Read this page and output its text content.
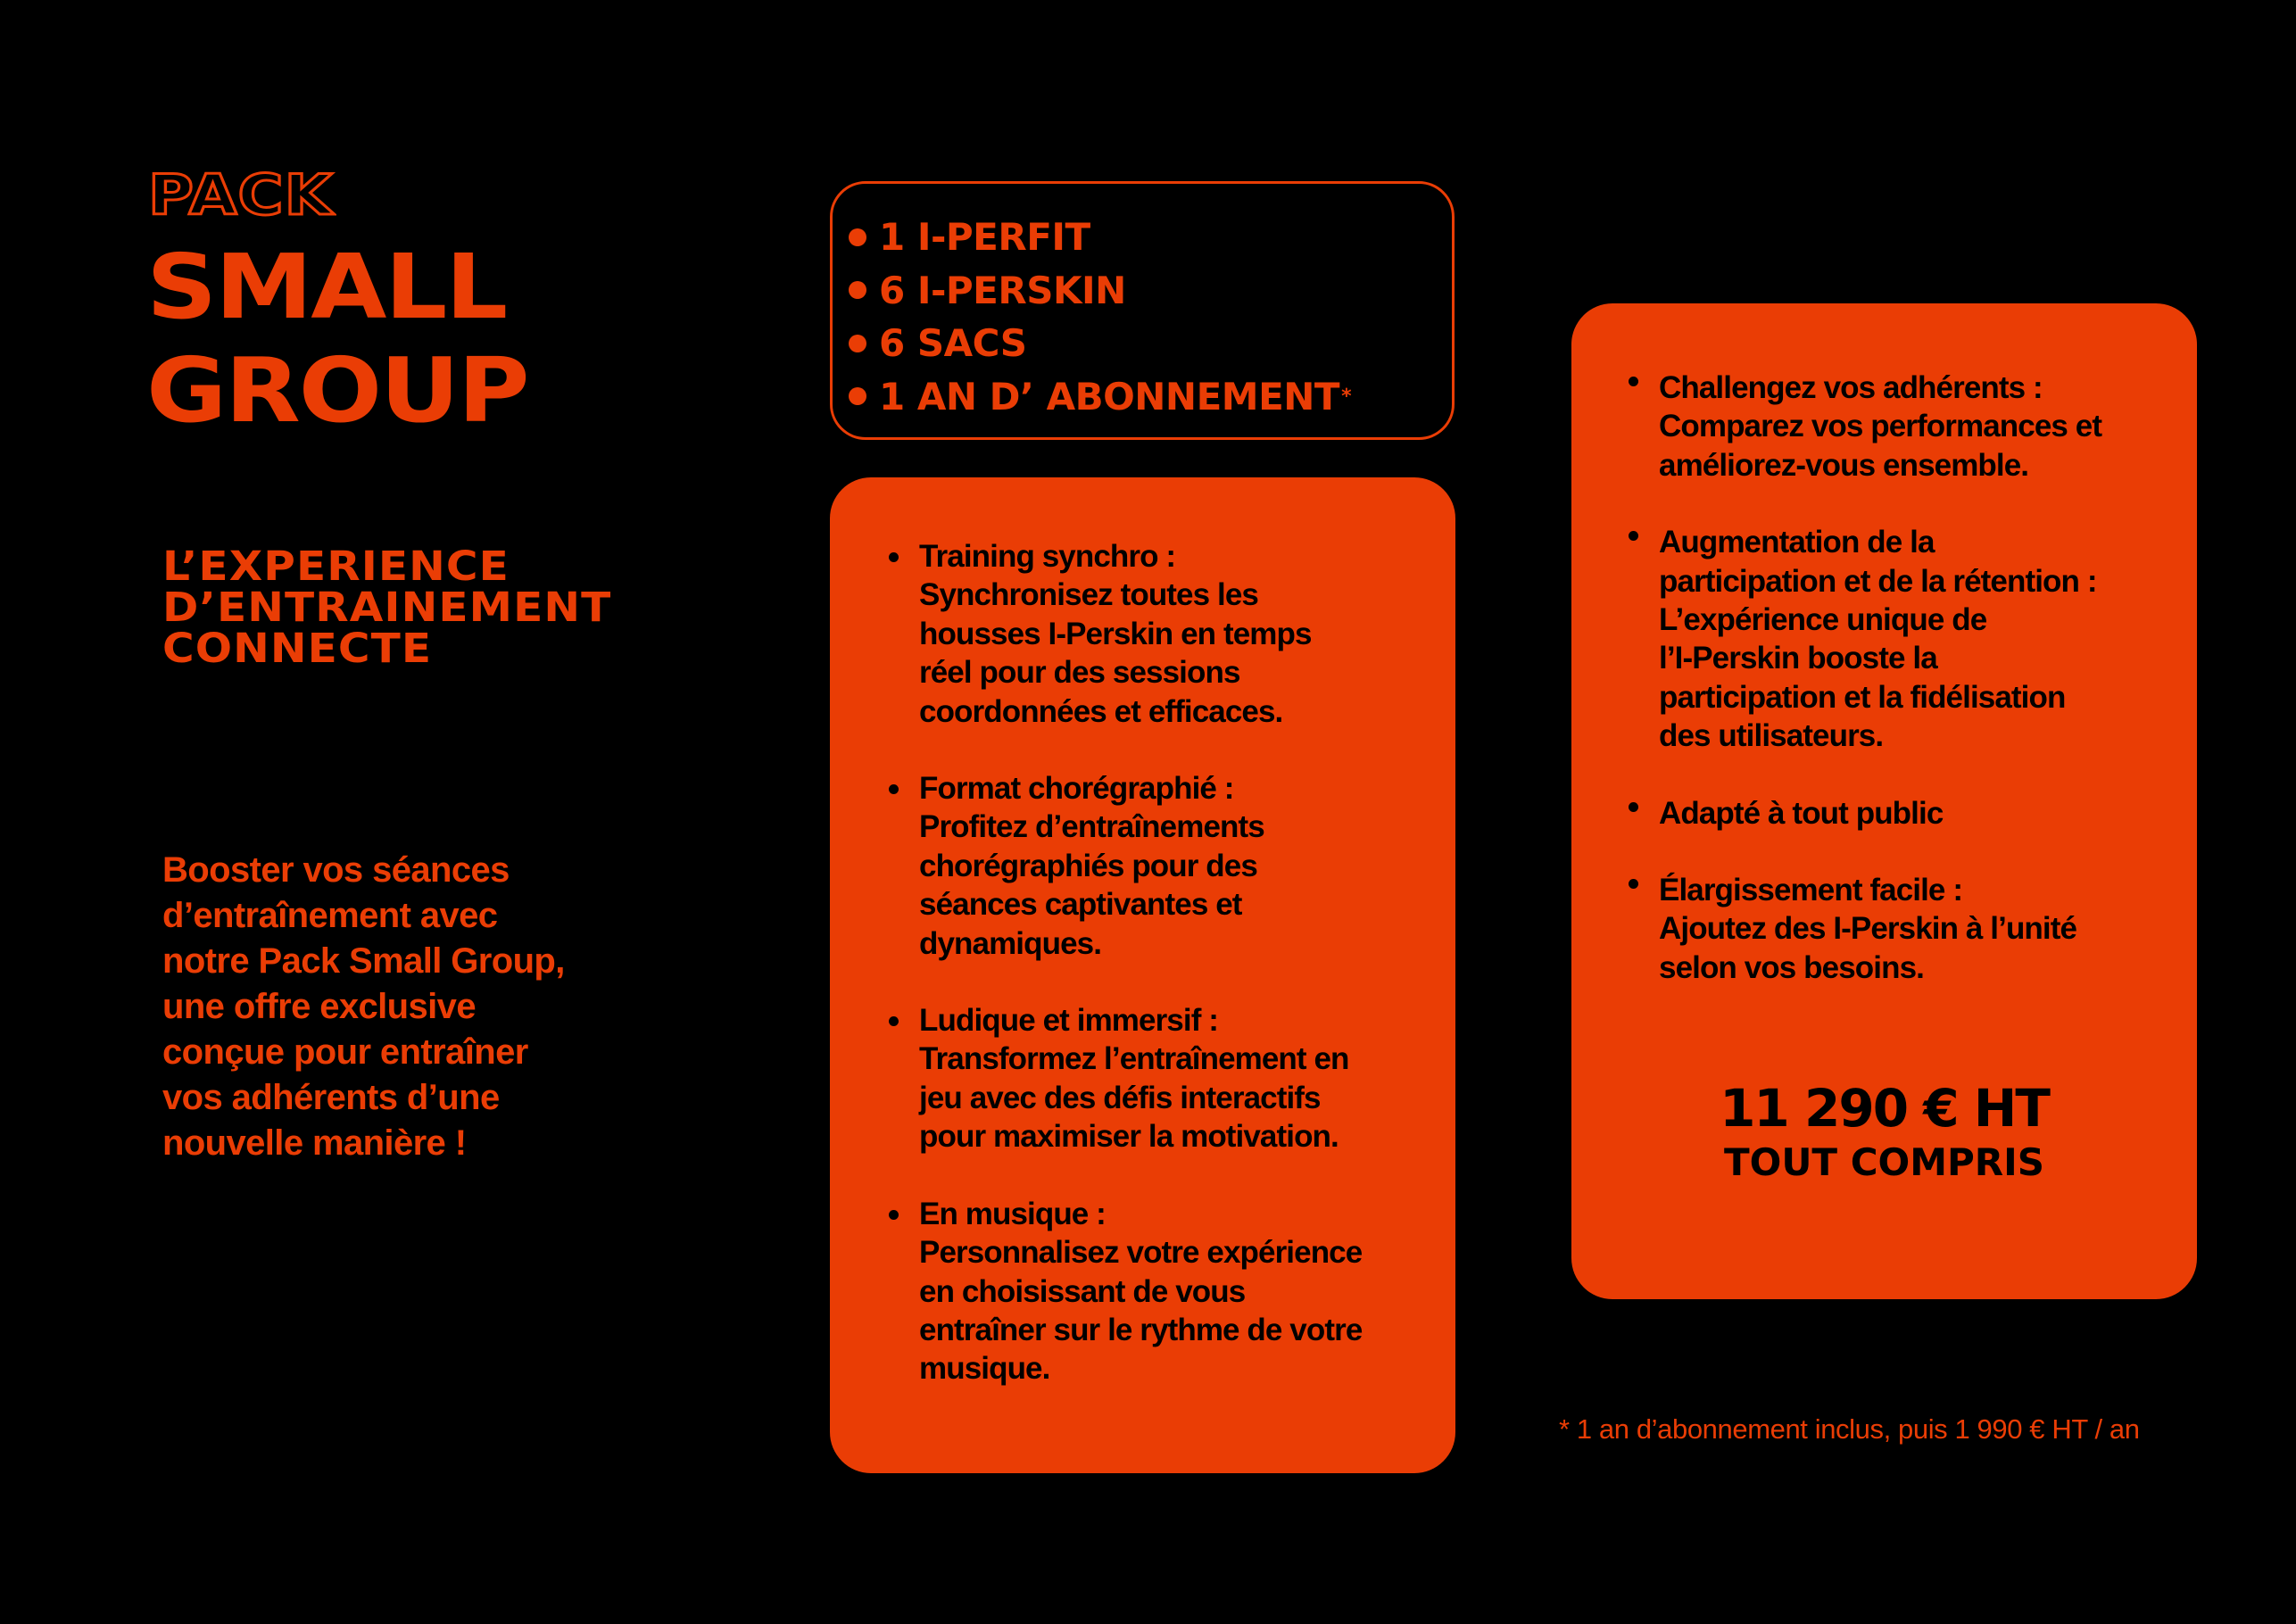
PACK
SMALL
GROUP
L’EXPERIENCE
D’ENTRAINEMENT
CONNECTE
Booster vos séances
d’entraînement avec
notre Pack Small Group,
une offre exclusive
conçue pour entraîner
vos adhérents d’une
nouvelle manière !
1 I-PERFIT
6 I-PERSKIN
6 SACS
1 AN D’ ABONNEMENT *
Training synchro :
Synchronisez toutes les
housses I-Perskin en temps
réel pour des sessions
coordonnées et efficaces.
Format chorégraphié :
Profitez d’entraînements
chorégraphiés pour des
séances captivantes et
dynamiques.
Ludique et immersif :
Transformez l’entraînement en
jeu avec des défis interactifs
pour maximiser la motivation.
En musique :
Personnalisez votre expérience
en choisissant de vous
entraîner sur le rythme de votre
musique.
Challengez vos adhérents :
Comparez vos performances et
améliorez-vous ensemble.
Augmentation de la
participation et de la rétention :
L’expérience unique de
l’I-Perskin booste la
participation et la fidélisation
des utilisateurs.
Adapté à tout public
Élargissement facile :
Ajoutez des I-Perskin à l’unité
selon vos besoins.
11 290 € HT
TOUT COMPRIS
* 1 an d’abonnement inclus, puis 1 990 € HT / an
